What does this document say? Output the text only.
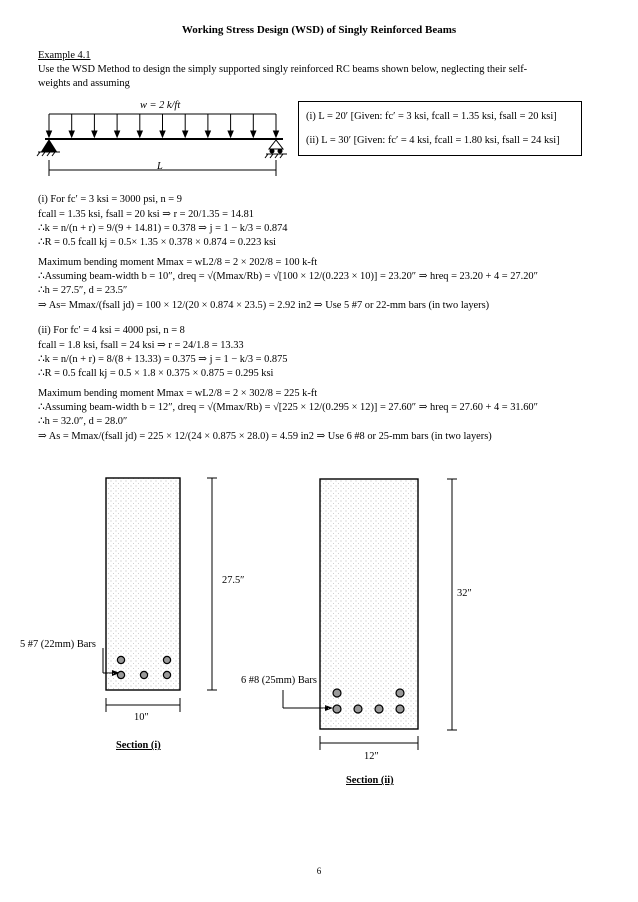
Working Stress Design (WSD) of Singly Reinforced Beams
Example 4.1
Use the WSD Method to design the simply supported singly reinforced RC beams shown below, neglecting their self-
weights and assuming
w = 2 k/ft
L
(i) L = 20′ [Given: fc′ = 3 ksi, fcall = 1.35 ksi, fsall = 20 ksi]
(ii) L = 30′ [Given: fc′ = 4 ksi, fcall = 1.80 ksi, fsall = 24 ksi]
(i) For fc′ = 3 ksi = 3000 psi, n = 9
fcall = 1.35 ksi, fsall = 20 ksi ⇒ r = 20/1.35 = 14.81
∴k = n/(n + r) = 9/(9 + 14.81) = 0.378 ⇒ j = 1 − k/3 = 0.874
∴R = 0.5 fcall kj = 0.5× 1.35 × 0.378 × 0.874 = 0.223 ksi
Maximum bending moment Mmax = wL2/8 = 2 × 202/8 = 100 k-ft
∴Assuming beam-width b = 10″, dreq = √(Mmax/Rb) = √[100 × 12/(0.223 × 10)] = 23.20″ ⇒ hreq = 23.20 + 4 = 27.20″
∴h = 27.5″, d = 23.5″
⇒ As= Mmax/(fsall jd) = 100 × 12/(20 × 0.874 × 23.5) = 2.92 in2 ⇒ Use 5 #7 or 22-mm bars (in two layers)
(ii) For fc′ = 4 ksi = 4000 psi, n = 8
fcall = 1.8 ksi, fsall = 24 ksi ⇒ r = 24/1.8 = 13.33
∴k = n/(n + r) = 8/(8 + 13.33) = 0.375 ⇒ j = 1 − k/3 = 0.875
∴R = 0.5 fcall kj = 0.5 × 1.8 × 0.375 × 0.875 = 0.295 ksi
Maximum bending moment Mmax = wL2/8 = 2 × 302/8 = 225 k-ft
∴Assuming beam-width b = 12″, dreq = √(Mmax/Rb) = √[225 × 12/(0.295 × 12)] = 27.60″ ⇒ hreq = 27.60 + 4 = 31.60″
∴h = 32.0″, d = 28.0″
⇒ As = Mmax/(fsall jd) = 225 × 12/(24 × 0.875 × 28.0) = 4.59 in2 ⇒ Use 6 #8 or 25-mm bars (in two layers)
27.5″
10″
5 #7 (22mm) Bars
Section (i)
32″
12″
6 #8 (25mm) Bars
Section (ii)
6
